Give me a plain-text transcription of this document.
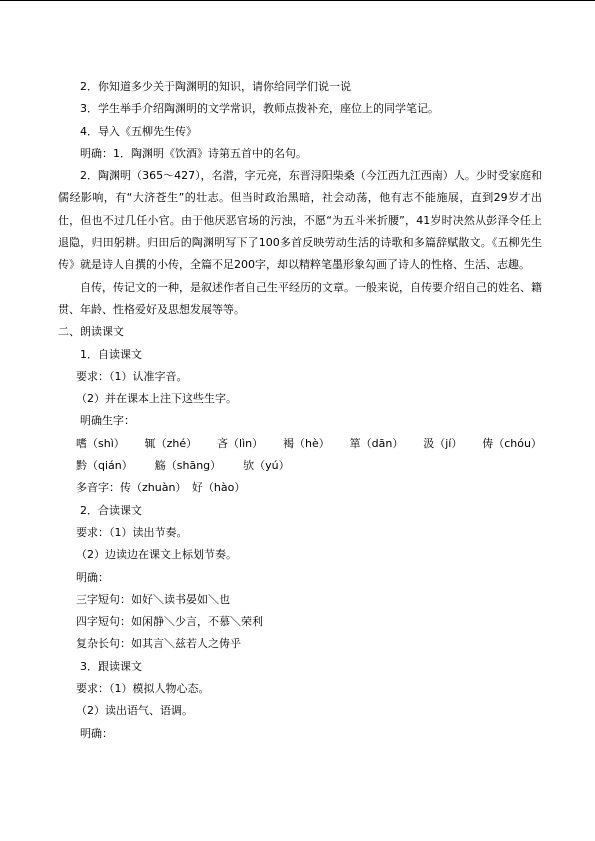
2．你知道多少关于陶渊明的知识，请你给同学们说一说
3．学生举手介绍陶渊明的文学常识，教师点拨补充，座位上的同学笔记。
4．导入《五柳先生传》
明确：1．陶渊明《饮酒》诗第五首中的名句。
2．陶渊明（365～427），名潜，字元亮，东晋浔阳柴桑（今江西九江西南）人。少时受家庭和儒经影响，有“大济苍生”的壮志。但当时政治黑暗，社会动荡，他有志不能施展，直到29岁才出仕，但也不过几任小官。由于他厌恶官场的污浊，不愿“为五斗米折腰”，41岁时决然从彭泽令任上退隐，归田躬耕。归田后的陶渊明写下了100多首反映劳动生活的诗歌和多篇辞赋散文。《五柳先生传》就是诗人自撰的小传，全篇不足200字，却以精粹笔墨形象勾画了诗人的性格、生活、志趣。
自传，传记文的一种，是叙述作者自己生平经历的文章。一般来说，自传要介绍自己的姓名、籍贯、年龄、性格爱好及思想发展等等。
二、朗读课文
1．自读课文
要求：（1）认准字音。
（2）并在课本上注下这些生字。
明确生字：
嗜（shì） 辄（zhé） 吝（lìn） 褐（hè） 箪（dān） 汲（jí） 俦（chóu）
黔（qián） 觞（shāng） 欤（yú）
多音字：传（zhuàn）　好（hào）
2．合读课文
要求：（1）读出节奏。
（2）边读边在课文上标划节奏。
明确：
三字短句：如好＼读书晏如＼也
四字短句：如闲静＼少言，不慕＼荣利
复杂长句：如其言＼兹若人之俦乎
3．跟读课文
要求：（1）模拟人物心态。
（2）读出语气、语调。
明确：
